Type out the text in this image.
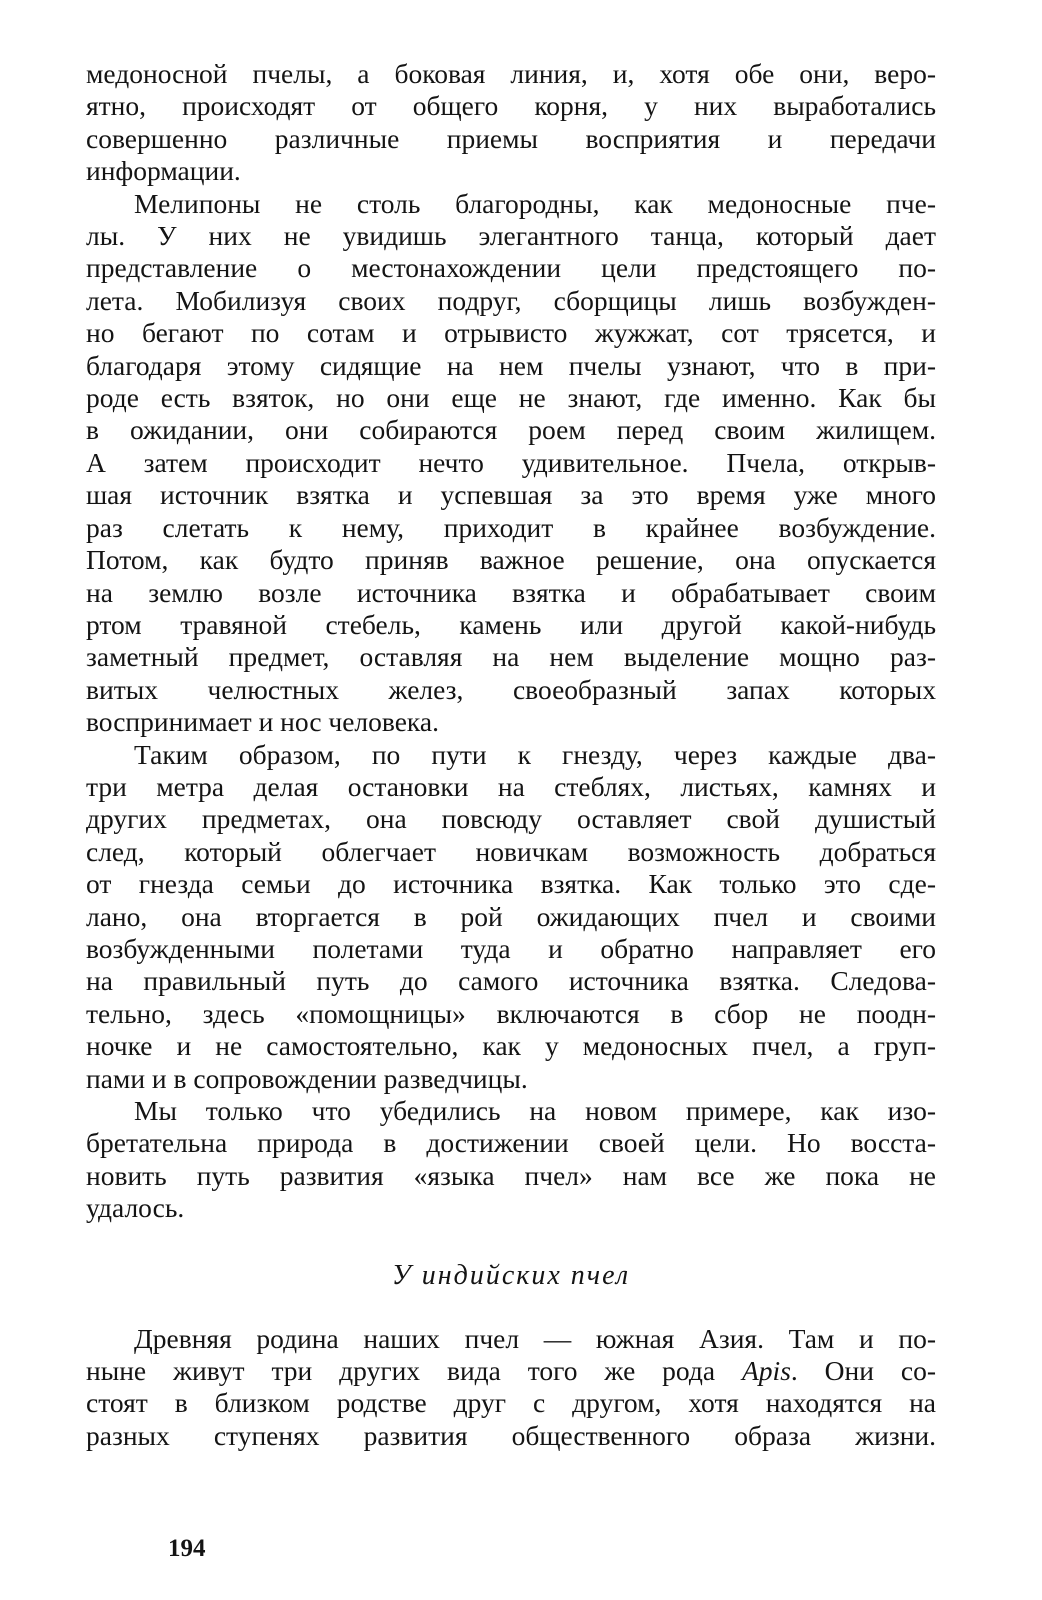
медоносной пчелы, а боковая линия, и, хотя обе они, веро-
ятно, происходят от общего корня, у них выработались
совершенно различные приемы восприятия и передачи
информации.

Мелипоны не столь благородны, как медоносные пче-
лы. У них не увидишь элегантного танца, который дает
представление о местонахождении цели предстоящего по-
лета. Мобилизуя своих подруг, сборщицы лишь возбужден-
но бегают по сотам и отрывисто жужжат, сот трясется, и
благодаря этому сидящие на нем пчелы узнают, что в при-
роде есть взяток, но они еще не знают, где именно. Как бы
в ожидании, они собираются роем перед своим жилищем.
А затем происходит нечто удивительное. Пчела, открыв-
шая источник взятка и успевшая за это время уже много
раз слетать к нему, приходит в крайнее возбуждение.
Потом, как будто приняв важное решение, она опускается
на землю возле источника взятка и обрабатывает своим
ртом травяной стебель, камень или другой какой-нибудь
заметный предмет, оставляя на нем выделение мощно раз-
витых челюстных желез, своеобразный запах которых
воспринимает и нос человека.

Таким образом, по пути к гнезду, через каждые два-
три метра делая остановки на стеблях, листьях, камнях и
других предметах, она повсюду оставляет свой душистый
след, который облегчает новичкам возможность добраться
от гнезда семьи до источника взятка. Как только это сде-
лано, она вторгается в рой ожидающих пчел и своими
возбужденными полетами туда и обратно направляет его
на правильный путь до самого источника взятка. Следова-
тельно, здесь «помощницы» включаются в сбор не поодн-
ночке и не самостоятельно, как у медоносных пчел, а груп-
пами и в сопровождении разведчицы.

Мы только что убедились на новом примере, как изо-
бретательна природа в достижении своей цели. Но восста-
новить путь развития «языка пчел» нам все же пока не
удалось.

У индийских пчел

Древняя родина наших пчел — южная Азия. Там и по-
ныне живут три других вида того же рода Apis. Они со-
стоят в близком родстве друг с другом, хотя находятся на
разных ступенях развития общественного образа жизни.

194
